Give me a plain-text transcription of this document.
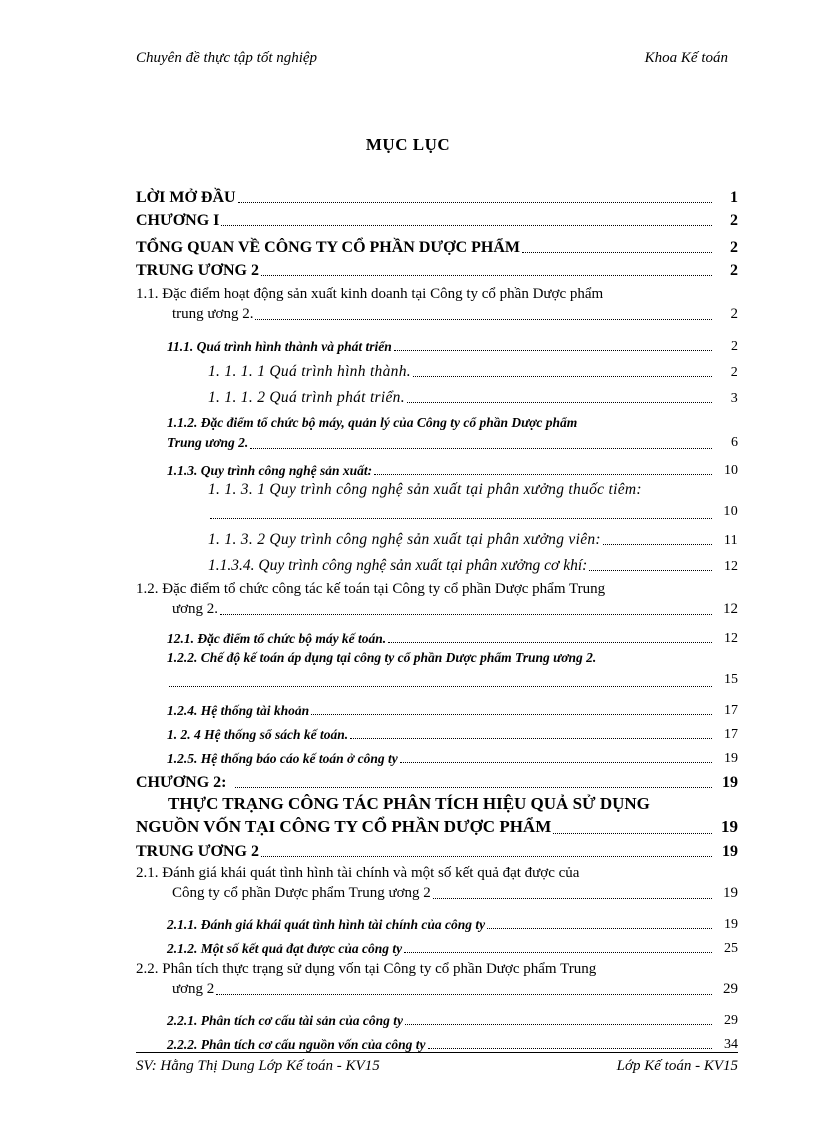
Chuyên đề thực tập tốt nghiệp	Khoa Kế toán
MỤC LỤC
LỜI MỞ ĐẦU	1
CHƯƠNG I	2
TỔNG QUAN VỀ CÔNG TY CỔ PHẦN DƯỢC PHẨM	2
TRUNG ƯƠNG 2	2
1.1. Đặc điểm hoạt động sản xuất kinh doanh tại Công ty cổ phần Dược phẩm
trung ương 2.	2
11.1. Quá trình hình thành và phát triển	2
1. 1. 1. 1 Quá trình hình thành.	2
1. 1. 1. 2 Quá trình phát triển.	3
1.1.2. Đặc điểm tổ chức bộ máy, quản lý của Công ty cổ phần Dược phẩm
Trung ương 2.	6
1.1.3. Quy trình công nghệ sản xuất:	10
1. 1. 3. 1 Quy trình công nghệ sản xuất tại phân xưởng thuốc tiêm:
10
1. 1. 3. 2 Quy trình công nghệ sản xuất tại phân xưởng viên:	11
1.1.3.4. Quy trình công nghệ sản xuất tại phân xưởng cơ khí:	12
1.2. Đặc điểm tổ chức công tác kế toán tại Công ty cổ phần Dược phẩm Trung
ương 2.	12
12.1. Đặc điểm tổ chức bộ máy kế toán.	12
1.2.2. Chế độ kế toán áp dụng tại công ty cổ phần Dược phẩm Trung ương 2.
15
1.2.4. Hệ thống tài khoản	17
1. 2. 4 Hệ thống sổ sách kế toán.	17
1.2.5. Hệ thống báo cáo kế toán ở công ty	19
CHƯƠNG 2:	19
THỰC TRẠNG CÔNG TÁC PHÂN TÍCH HIỆU QUẢ SỬ DỤNG
NGUỒN VỐN TẠI CÔNG TY CỔ PHẦN DƯỢC PHẨM	19
TRUNG ƯƠNG 2	19
2.1. Đánh giá khái quát tình hình tài chính và một số kết quả đạt được của
Công ty cổ phần Dược phẩm Trung ương 2	19
2.1.1. Đánh giá khái quát tình hình tài chính của công ty	19
2.1.2. Một số kết quả đạt được của công ty	25
2.2. Phân tích thực trạng sử dụng vốn tại Công ty cổ phần Dược phẩm Trung
ương 2	29
2.2.1. Phân tích cơ cấu tài sản của công ty	29
2.2.2. Phân tích cơ cấu nguồn vốn của công ty	34
SV: Hằng Thị Dung Lớp Kế toán - KV15	Lớp Kế toán - KV15
